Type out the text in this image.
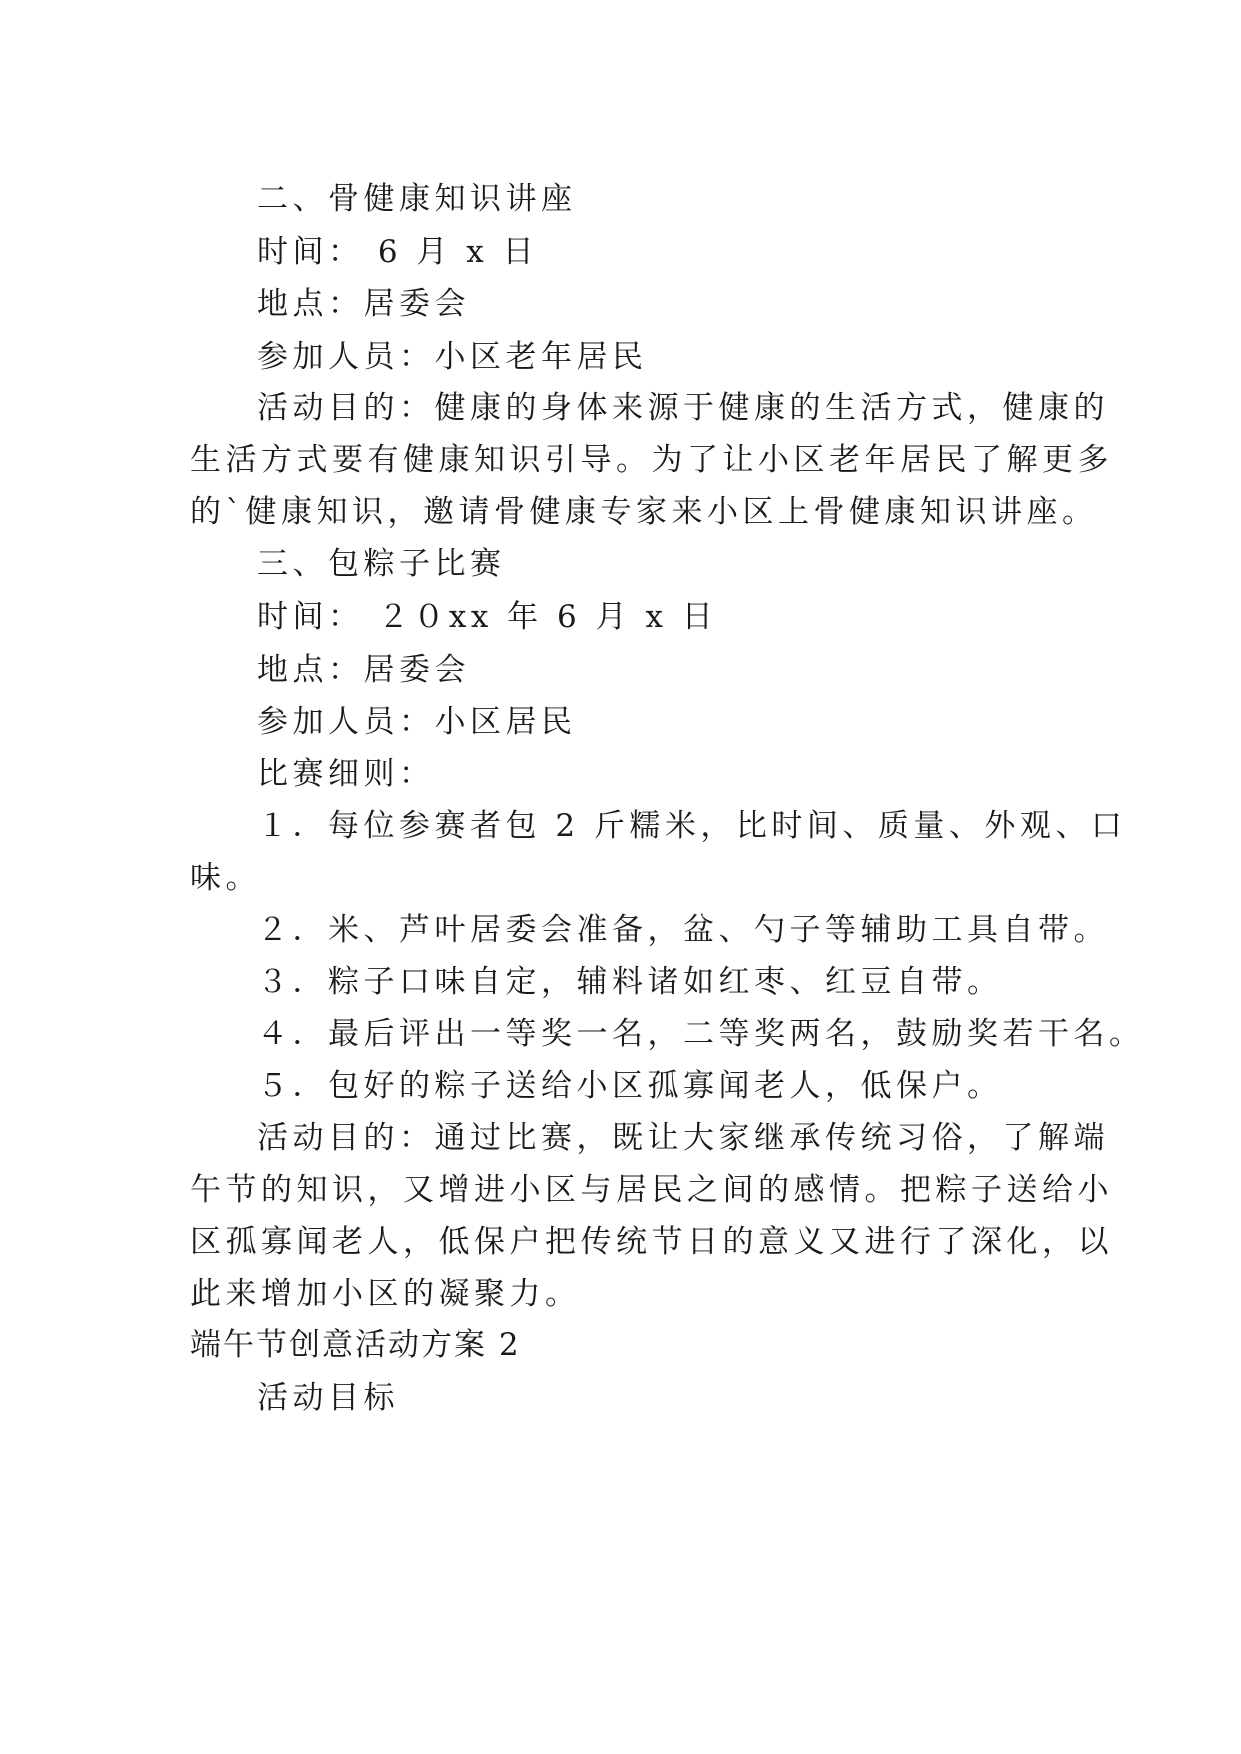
二、骨健康知识讲座

时间： 6 月 x 日

地点：居委会

参加人员：小区老年居民

活动目的：健康的身体来源于健康的生活方式，健康的

生活方式要有健康知识引导。为了让小区老年居民了解更多

的`健康知识，邀请骨健康专家来小区上骨健康知识讲座。

三、包粽子比赛

时间： ２０xx 年 6 月 x 日

地点：居委会

参加人员：小区居民

比赛细则：

１．每位参赛者包 2 斤糯米，比时间、质量、外观、口

味。

２．米、芦叶居委会准备，盆、勺子等辅助工具自带。

３．粽子口味自定，辅料诸如红枣、红豆自带。

４．最后评出一等奖一名，二等奖两名，鼓励奖若干名。

５．包好的粽子送给小区孤寡闻老人，低保户。

活动目的：通过比赛，既让大家继承传统习俗，了解端

午节的知识，又增进小区与居民之间的感情。把粽子送给小

区孤寡闻老人，低保户把传统节日的意义又进行了深化，以

此来增加小区的凝聚力。

端午节创意活动方案 2

活动目标
